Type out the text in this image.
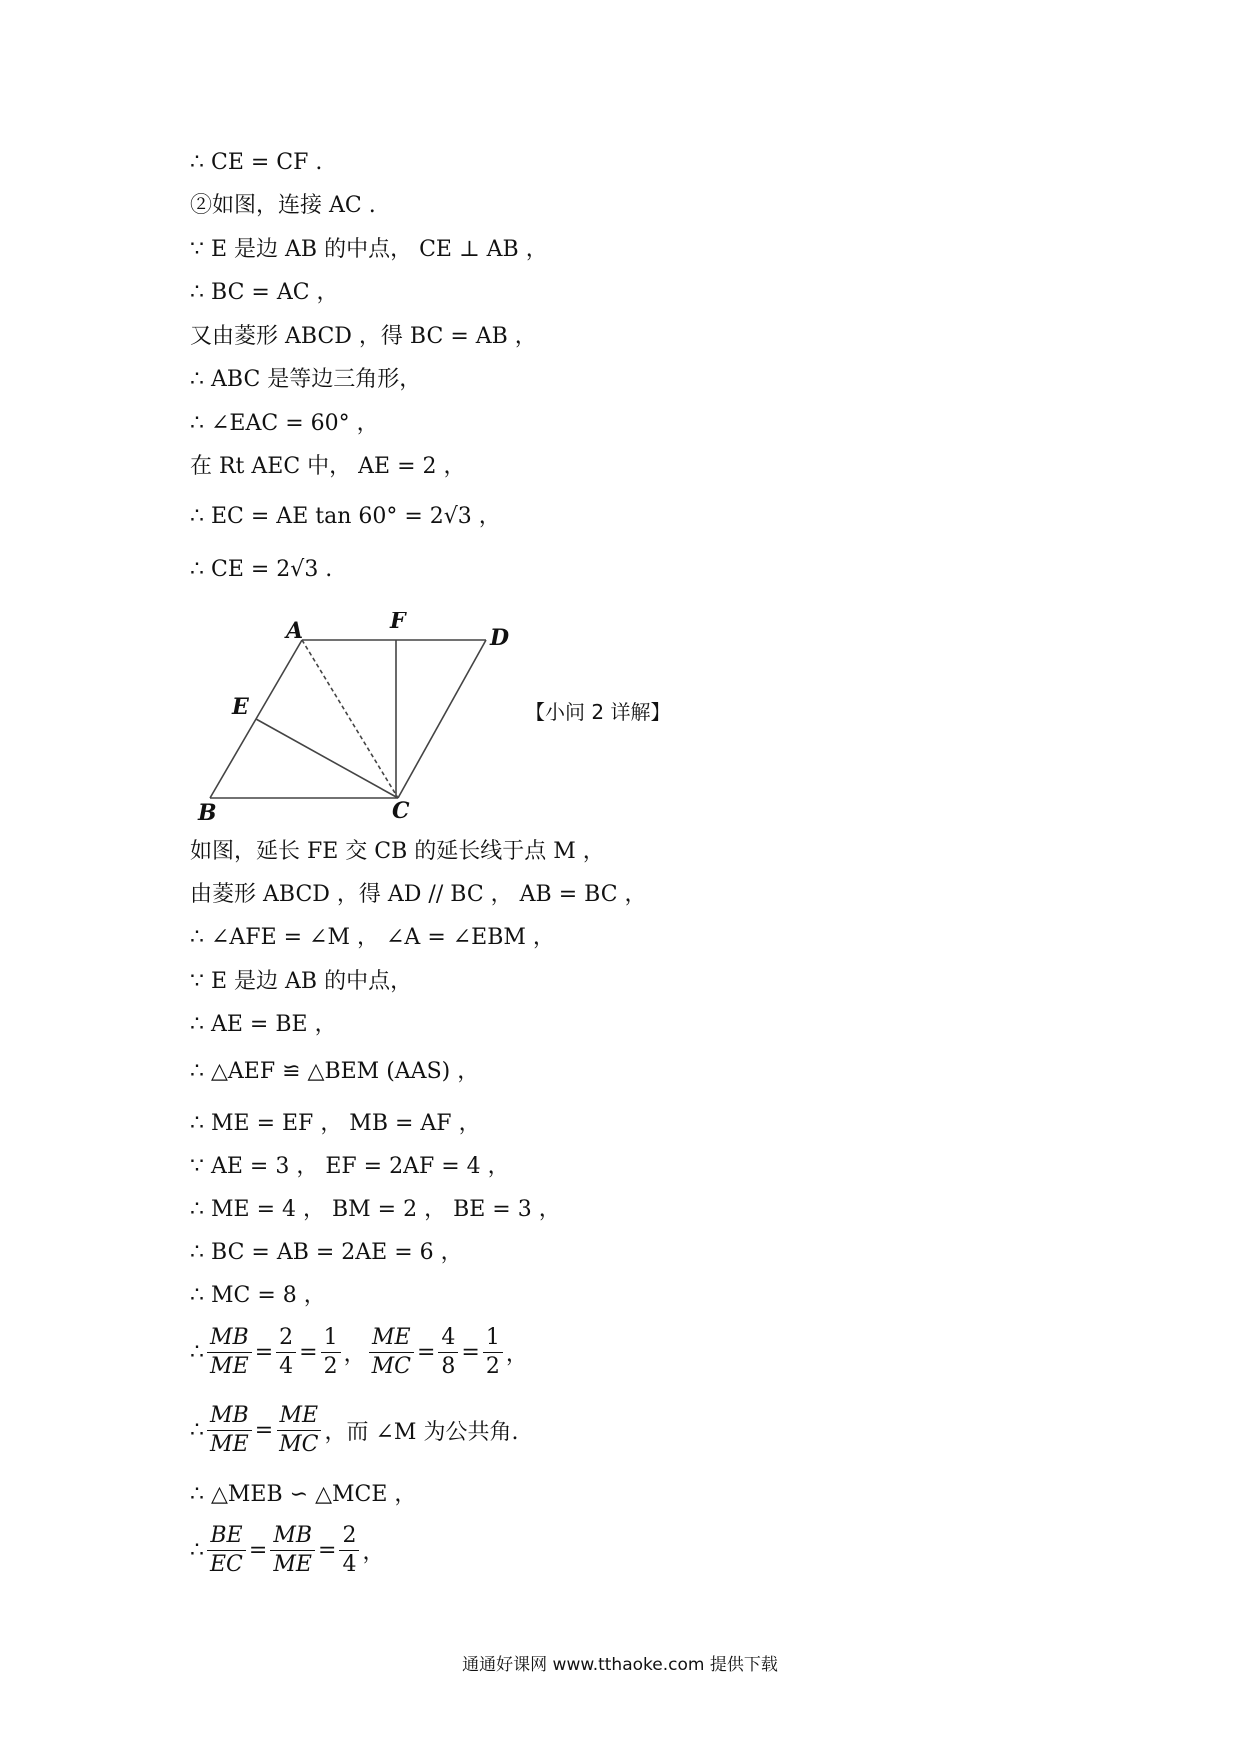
∴ CE = CF .
②如图，连接 AC .
∵ E 是边 AB 的中点， CE ⊥ AB ，
∴ BC = AC ，
又由菱形 ABCD ，得 BC = AB ，
∴ ABC 是等边三角形，
∴ ∠EAC = 60° ，
在 Rt AEC 中， AE = 2 ，
∴ EC = AE tan 60° = 2√3 ，
∴ CE = 2√3 .
A	F
D
E
B	C
【小问 2 详解】
如图，延长 FE 交 CB 的延长线于点 M ，
由菱形 ABCD ，得 AD // BC ， AB = BC ，
∴ ∠AFE = ∠M ， ∠A = ∠EBM ，
∵ E 是边 AB 的中点，
∴ AE = BE ，
∴ △AEF ≌ △BEM (AAS) ，
∴ ME = EF ， MB = AF ，
∵ AE = 3 ， EF = 2AF = 4 ，
∴ ME = 4 ， BM = 2 ， BE = 3 ，
∴ BC = AB = 2AE = 6 ，
∴ MC = 8 ，
∴ $\frac{MB}{ME} = \frac{2}{4} = \frac{1}{2}$ ， $\frac{ME}{MC} = \frac{4}{8} = \frac{1}{2}$ ，
∴ $\frac{MB}{ME} = \frac{ME}{MC}$ ，而 ∠M 为公共角.
∴ △MEB ∽ △MCE ，
∴ $\frac{BE}{EC} = \frac{MB}{ME} = \frac{2}{4}$ ，
通通好课网 www.tthaoke.com 提供下载
